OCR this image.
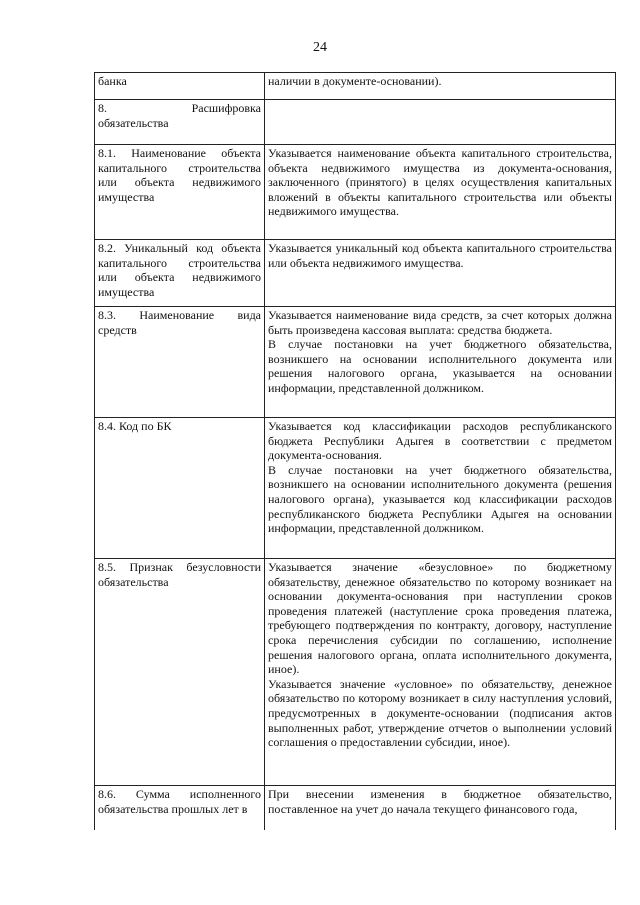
24
банка	наличии в документе-основании).

8. Расшифровка
обязательства	

8.1. Наименование объекта капитального строительства или объекта недвижимого имущества	Указывается наименование объекта капитального строительства, объекта недвижимого имущества из документа-основания, заключенного (принятого) в целях осуществления капитальных вложений в объекты капитального строительства или объекты недвижимого имущества.

8.2. Уникальный код объекта капитального строительства или объекта недвижимого имущества	Указывается уникальный код объекта капитального строительства или объекта недвижимого имущества.

8.3. Наименование вида средств	Указывается наименование вида средств, за счет которых должна быть произведена кассовая выплата: средства бюджета.

В случае постановки на учет бюджетного обязательства, возникшего на основании исполнительного документа или решения налогового органа, указывается на основании информации, представленной должником.

8.4. Код по БК	Указывается код классификации расходов республиканского бюджета Республики Адыгея в соответствии с предметом документа-основания.

В случае постановки на учет бюджетного обязательства, возникшего на основании исполнительного документа (решения налогового органа), указывается код классификации расходов республиканского бюджета Республики Адыгея на основании информации, представленной должником.

8.5. Признак безусловности обязательства	Указывается значение «безусловное» по бюджетному обязательству, денежное обязательство по которому возникает на основании документа-основания при наступлении сроков проведения платежей (наступление срока проведения платежа, требующего подтверждения по контракту, договору, наступление срока перечисления субсидии по соглашению, исполнение решения налогового органа, оплата исполнительного документа, иное).

Указывается значение «условное» по обязательству, денежное обязательство по которому возникает в силу наступления условий, предусмотренных в документе-основании (подписания актов выполненных работ, утверждение отчетов о выполнении условий соглашения о предоставлении субсидии, иное).

8.6. Сумма исполненного обязательства прошлых лет в	При внесении изменения в бюджетное обязательство, поставленное на учет до начала текущего финансового года,
